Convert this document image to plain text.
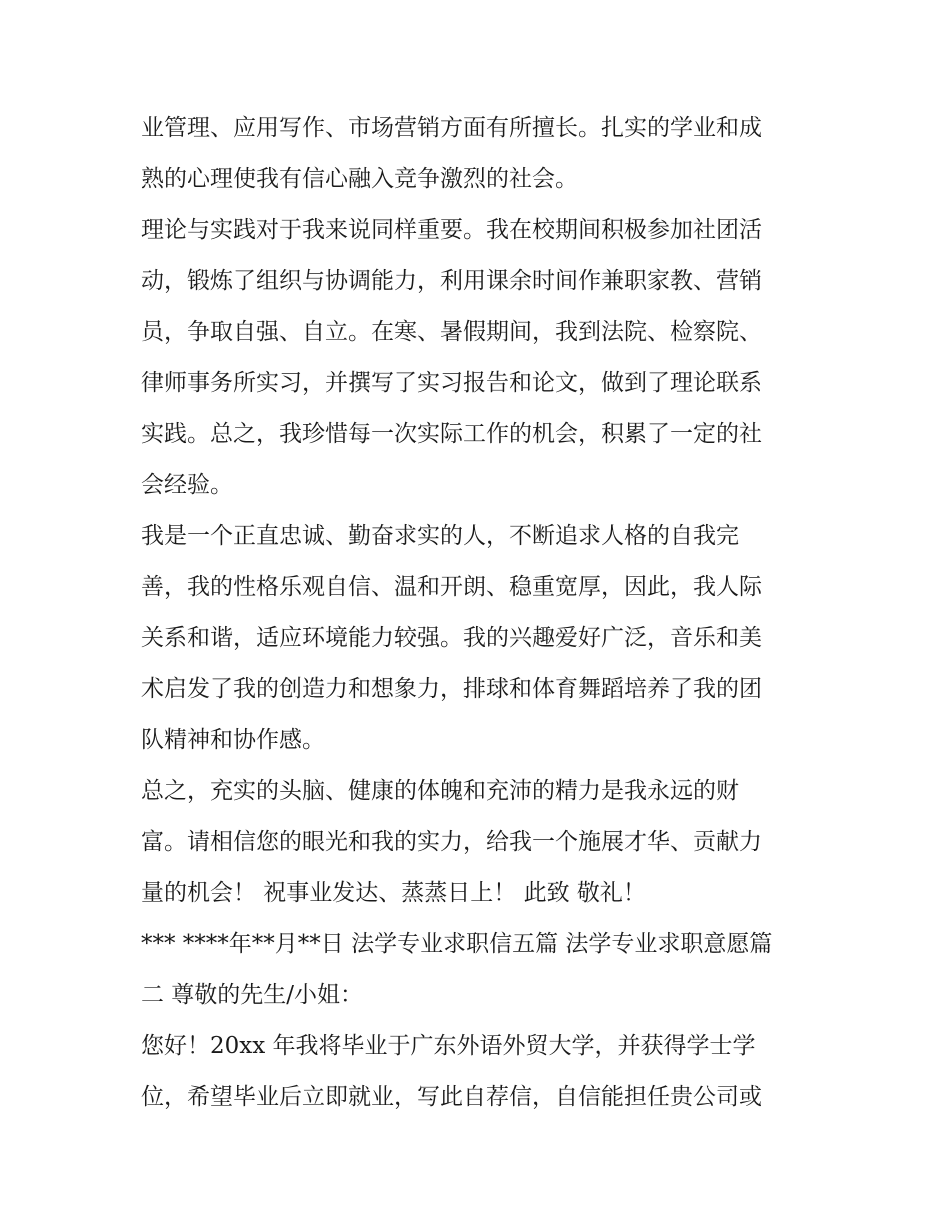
业管理、应用写作、市场营销方面有所擅长。扎实的学业和成
熟的心理使我有信心融入竞争激烈的社会。
理论与实践对于我来说同样重要。我在校期间积极参加社团活
动，锻炼了组织与协调能力，利用课余时间作兼职家教、营销
员，争取自强、自立。在寒、暑假期间，我到法院、检察院、
律师事务所实习，并撰写了实习报告和论文，做到了理论联系
实践。总之，我珍惜每一次实际工作的机会，积累了一定的社
会经验。
我是一个正直忠诚、勤奋求实的人，不断追求人格的自我完
善，我的性格乐观自信、温和开朗、稳重宽厚，因此，我人际
关系和谐，适应环境能力较强。我的兴趣爱好广泛，音乐和美
术启发了我的创造力和想象力，排球和体育舞蹈培养了我的团
队精神和协作感。
总之，充实的头脑、健康的体魄和充沛的精力是我永远的财
富。请相信您的眼光和我的实力，给我一个施展才华、贡献力
量的机会！ 祝事业发达、蒸蒸日上！ 此致 敬礼！
*** ****年**月**日 法学专业求职信五篇 法学专业求职意愿篇
二 尊敬的先生/小姐：
您好！20xx 年我将毕业于广东外语外贸大学，并获得学士学
位，希望毕业后立即就业，写此自荐信，自信能担任贵公司或
